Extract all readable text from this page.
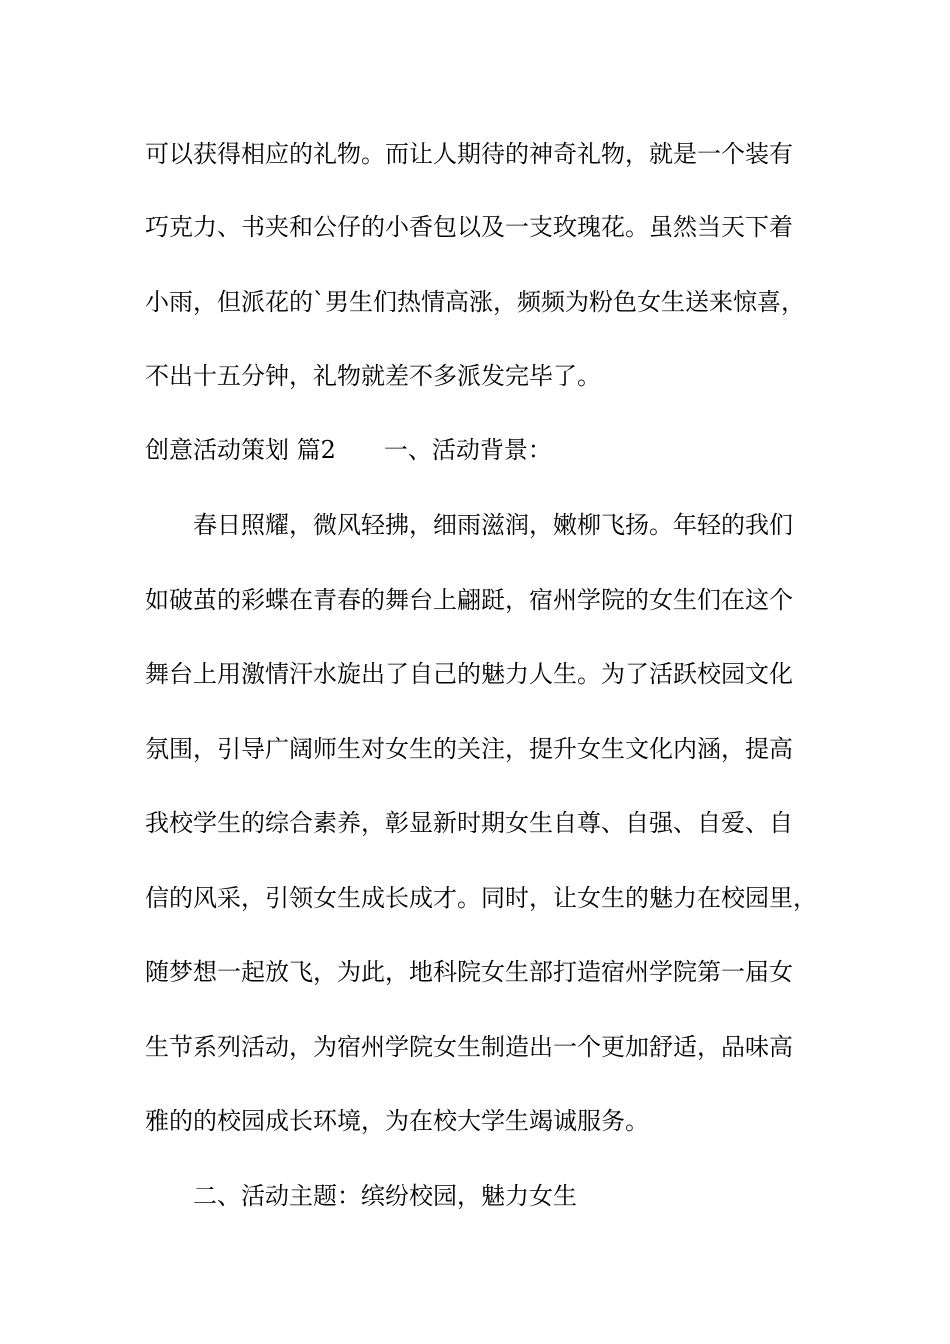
可以获得相应的礼物。而让人期待的神奇礼物，就是一个装有
巧克力、书夹和公仔的小香包以及一支玫瑰花。虽然当天下着
小雨，但派花的`男生们热情高涨，频频为粉色女生送来惊喜，
不出十五分钟，礼物就差不多派发完毕了。
创意活动策划 篇2 一、活动背景：
春日照耀，微风轻拂，细雨滋润，嫩柳飞扬。年轻的我们
如破茧的彩蝶在青春的舞台上翩跹，宿州学院的女生们在这个
舞台上用激情汗水旋出了自己的魅力人生。为了活跃校园文化
氛围，引导广阔师生对女生的关注，提升女生文化内涵，提高
我校学生的综合素养，彰显新时期女生自尊、自强、自爱、自
信的风采，引领女生成长成才。同时，让女生的魅力在校园里，
随梦想一起放飞，为此，地科院女生部打造宿州学院第一届女
生节系列活动，为宿州学院女生制造出一个更加舒适，品味高
雅的的校园成长环境，为在校大学生竭诚服务。
二、活动主题：缤纷校园，魅力女生
